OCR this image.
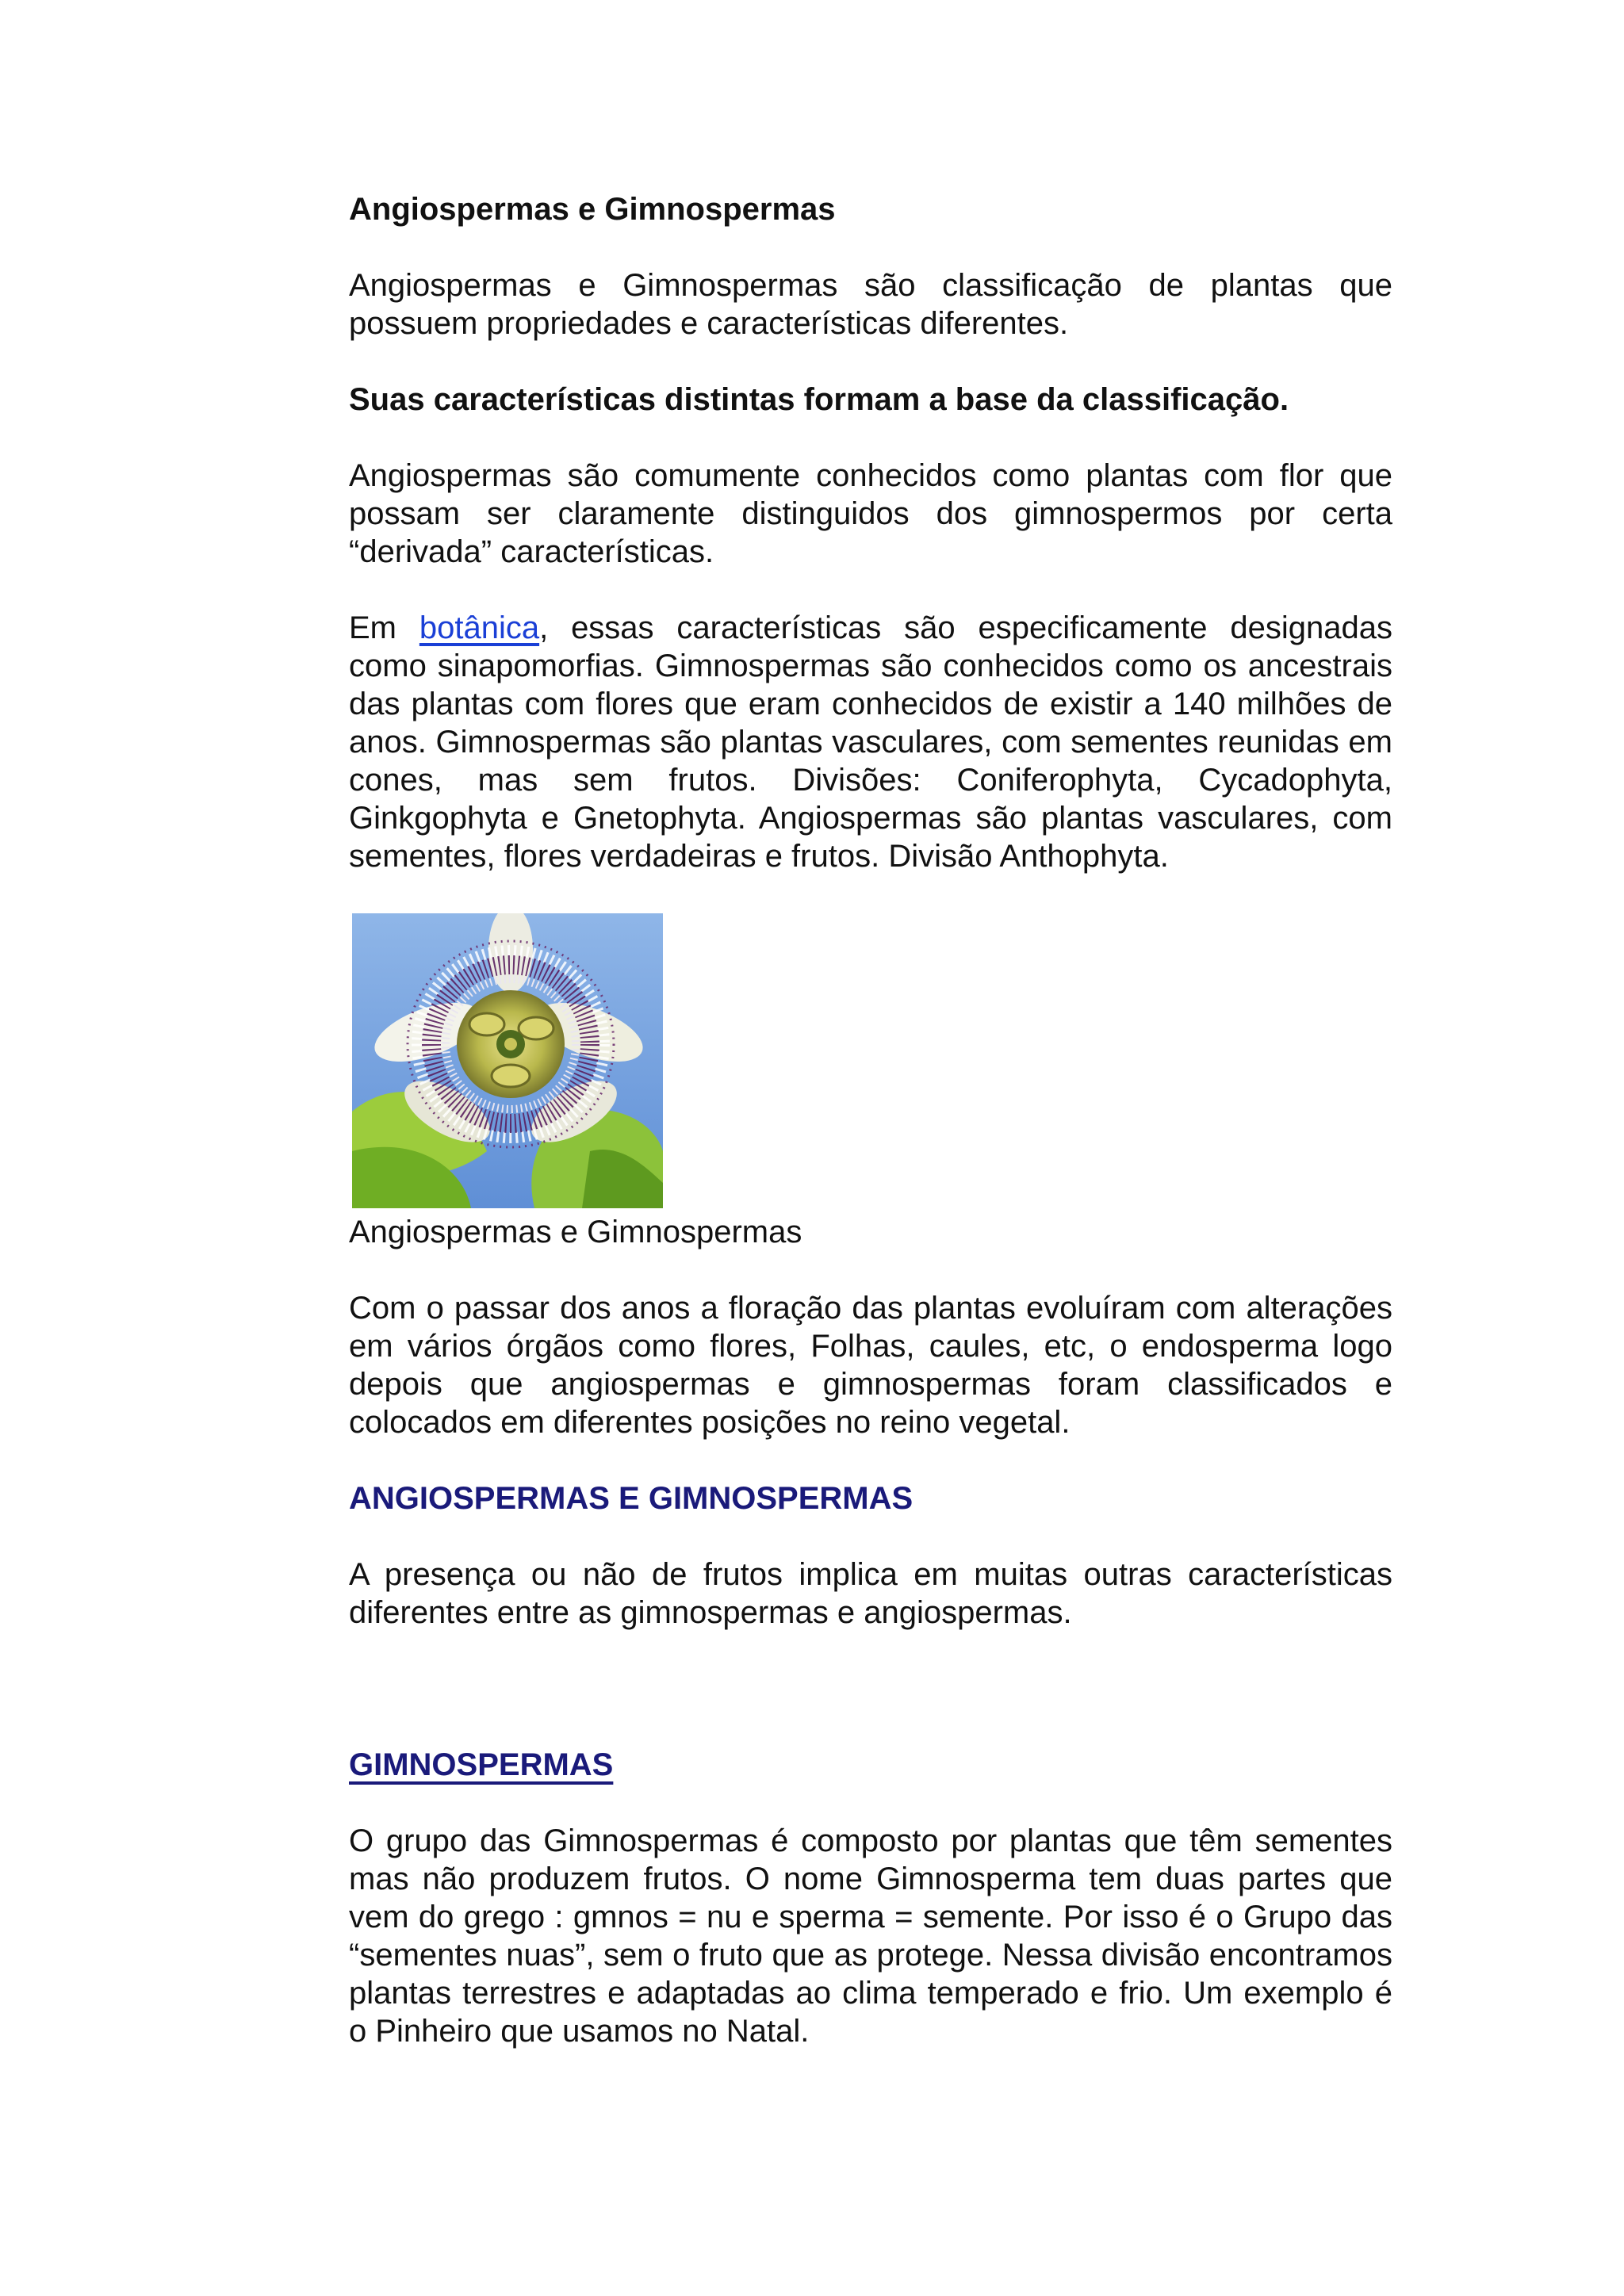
Angiospermas e Gimnospermas

Angiospermas e Gimnospermas são classificação de plantas que possuem propriedades e características diferentes.

Suas características distintas formam a base da classificação.

Angiospermas são comumente conhecidos como plantas com flor que possam ser claramente distinguidos dos gimnospermos por certa “derivada” características.

Em botânica, essas características são especificamente designadas como sinapomorfias. Gimnospermas são conhecidos como os ancestrais das plantas com flores que eram conhecidos de existir a 140 milhões de anos. Gimnospermas são plantas vasculares, com sementes reunidas em cones, mas sem frutos. Divisões: Coniferophyta, Cycadophyta, Ginkgophyta e Gnetophyta. Angiospermas são plantas vasculares, com sementes, flores verdadeiras e frutos. Divisão Anthophyta.

Angiospermas e Gimnospermas

Com o passar dos anos a floração das plantas evoluíram com alterações em vários órgãos como flores, Folhas, caules, etc, o endosperma logo depois que angiospermas e gimnospermas foram classificados e colocados em diferentes posições no reino vegetal.

ANGIOSPERMAS E GIMNOSPERMAS

A presença ou não de frutos implica em muitas outras características diferentes entre as gimnospermas e angiospermas.

GIMNOSPERMAS

O grupo das Gimnospermas é composto por plantas que têm sementes mas não produzem frutos. O nome Gimnosperma tem duas partes que vem do grego : gmnos = nu e sperma = semente. Por isso é o Grupo das “sementes nuas”, sem o fruto que as protege. Nessa divisão encontramos plantas terrestres e adaptadas ao clima temperado e frio. Um exemplo é o Pinheiro que usamos no Natal.
